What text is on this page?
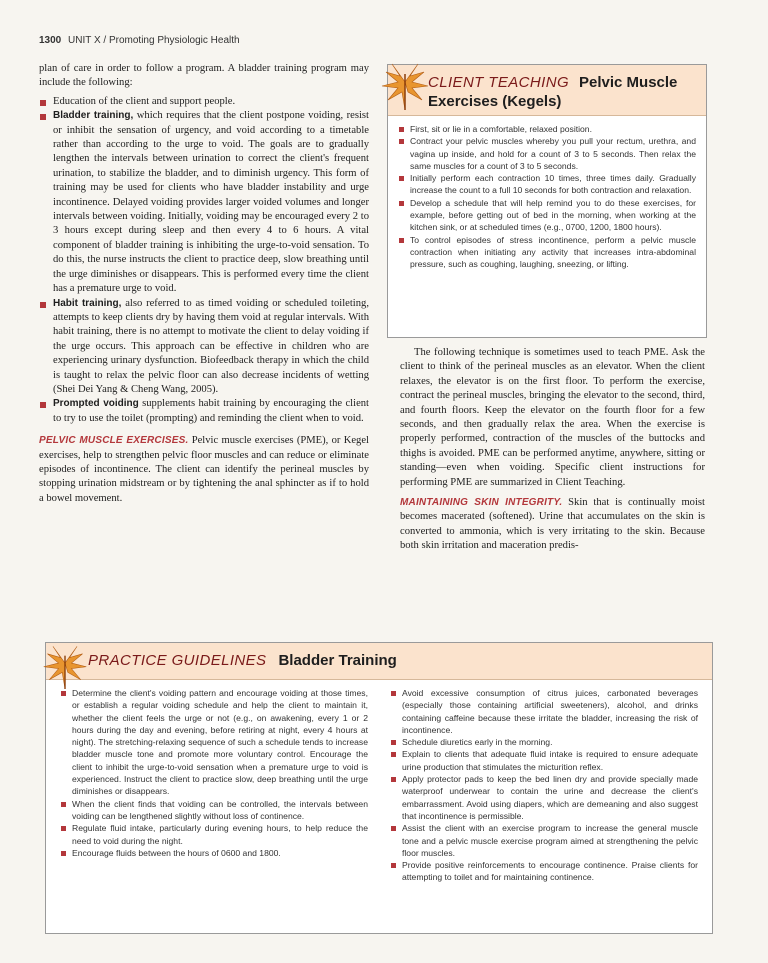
1300 UNIT X / Promoting Physiologic Health

plan of care in order to follow a program. A bladder training program may include the following:

Education of the client and support people.
Bladder training, which requires that the client postpone voiding, resist or inhibit the sensation of urgency, and void according to a timetable rather than according to the urge to void. The goals are to gradually lengthen the intervals between urination to correct the client's frequent urination, to stabilize the bladder, and to diminish urgency. This form of training may be used for clients who have bladder instability and urge incontinence. Delayed voiding provides larger voided volumes and longer intervals between voiding. Initially, voiding may be encouraged every 2 to 3 hours except during sleep and then every 4 to 6 hours. A vital component of bladder training is inhibiting the urge-to-void sensation. To do this, the nurse instructs the client to practice deep, slow breathing until the urge diminishes or disappears. This is performed every time the client has a premature urge to void.
Habit training, also referred to as timed voiding or scheduled toileting, attempts to keep clients dry by having them void at regular intervals. With habit training, there is no attempt to motivate the client to delay voiding if the urge occurs. This approach can be effective in children who are experiencing urinary dysfunction. Biofeedback therapy in which the child is taught to relax the pelvic floor can also decrease incidents of wetting (Shei Dei Yang & Cheng Wang, 2005).
Prompted voiding supplements habit training by encouraging the client to try to use the toilet (prompting) and reminding the client when to void.

PELVIC MUSCLE EXERCISES. Pelvic muscle exercises (PME), or Kegel exercises, help to strengthen pelvic floor muscles and can reduce or eliminate episodes of incontinence. The client can identify the perineal muscles by stopping urination midstream or by tightening the anal sphincter as if to hold a bowel movement.

CLIENT TEACHING Pelvic Muscle
Exercises (Kegels)
First, sit or lie in a comfortable, relaxed position.
Contract your pelvic muscles whereby you pull your rectum, urethra, and vagina up inside, and hold for a count of 3 to 5 seconds. Then relax the same muscles for a count of 3 to 5 seconds.
Initially perform each contraction 10 times, three times daily. Gradually increase the count to a full 10 seconds for both contraction and relaxation.
Develop a schedule that will help remind you to do these exercises, for example, before getting out of bed in the morning, when working at the kitchen sink, or at scheduled times (e.g., 0700, 1200, 1800 hours).
To control episodes of stress incontinence, perform a pelvic muscle contraction when initiating any activity that increases intra-abdominal pressure, such as coughing, laughing, sneezing, or lifting.

The following technique is sometimes used to teach PME. Ask the client to think of the perineal muscles as an elevator. When the client relaxes, the elevator is on the first floor. To perform the exercise, contract the perineal muscles, bringing the elevator to the second, third, and fourth floors. Keep the elevator on the fourth floor for a few seconds, and then gradually relax the area. When the exercise is properly performed, contraction of the muscles of the buttocks and thighs is avoided. PME can be performed anytime, anywhere, sitting or standing—even when voiding. Specific client instructions for performing PME are summarized in Client Teaching.

MAINTAINING SKIN INTEGRITY. Skin that is continually moist becomes macerated (softened). Urine that accumulates on the skin is converted to ammonia, which is very irritating to the skin. Because both skin irritation and maceration predis-

PRACTICE GUIDELINES Bladder Training
Determine the client's voiding pattern and encourage voiding at those times, or establish a regular voiding schedule and help the client to maintain it, whether the client feels the urge or not (e.g., on awakening, every 1 or 2 hours during the day and evening, before retiring at night, every 4 hours at night). The stretching-relaxing sequence of such a schedule tends to increase bladder muscle tone and promote more voluntary control. Encourage the client to inhibit the urge-to-void sensation when a premature urge to void is experienced. Instruct the client to practice slow, deep breathing until the urge diminishes or disappears.
When the client finds that voiding can be controlled, the intervals between voiding can be lengthened slightly without loss of continence.
Regulate fluid intake, particularly during evening hours, to help reduce the need to void during the night.
Encourage fluids between the hours of 0600 and 1800.
Avoid excessive consumption of citrus juices, carbonated beverages (especially those containing artificial sweeteners), alcohol, and drinks containing caffeine because these irritate the bladder, increasing the risk of incontinence.
Schedule diuretics early in the morning.
Explain to clients that adequate fluid intake is required to ensure adequate urine production that stimulates the micturition reflex.
Apply protector pads to keep the bed linen dry and provide specially made waterproof underwear to contain the urine and decrease the client's embarrassment. Avoid using diapers, which are demeaning and also suggest that incontinence is permissible.
Assist the client with an exercise program to increase the general muscle tone and a pelvic muscle exercise program aimed at strengthening the pelvic floor muscles.
Provide positive reinforcements to encourage continence. Praise clients for attempting to toilet and for maintaining continence.
